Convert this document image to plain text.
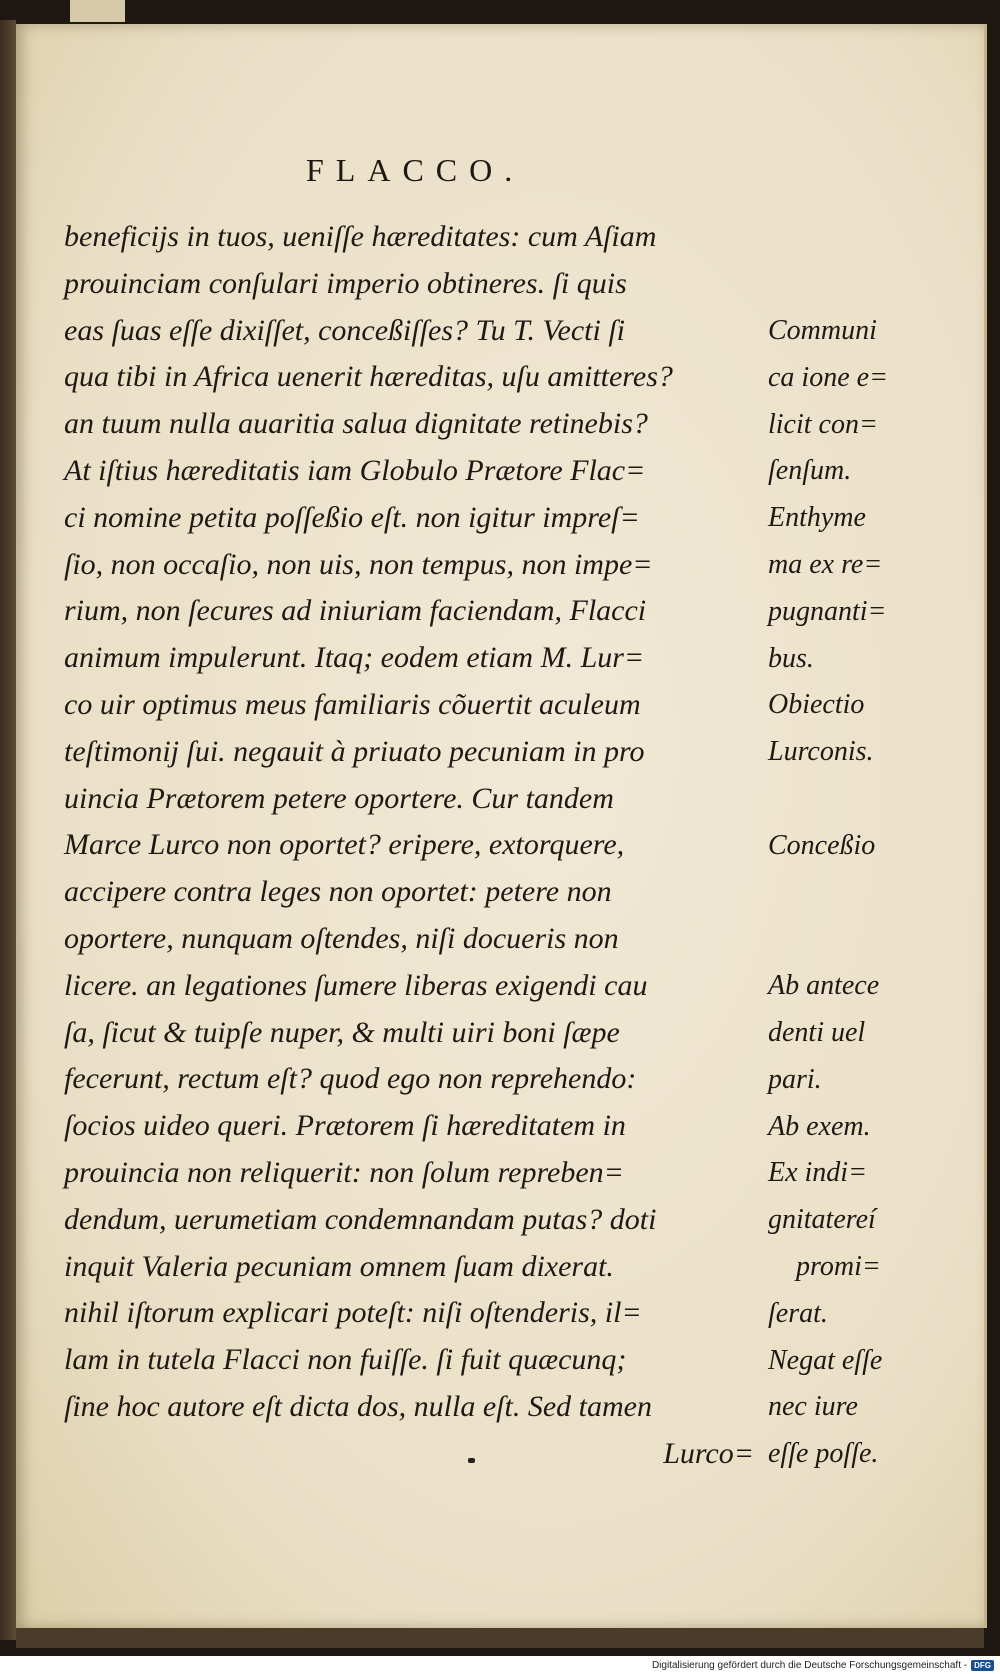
FLACCO.
beneficijs in tuos, ueniſſe hæreditates: cum Aſiam
prouinciam conſulari imperio obtineres. ſi quis
eas ſuas eſſe dixiſſet, conceßiſſes? Tu T. Vecti ſi
qua tibi in Africa uenerit hæreditas, uſu amitteres?
an tuum nulla auaritia salua dignitate retinebis?
At iſtius hæreditatis iam Globulo Prætore Flac=
ci nomine petita poſſeßio eſt. non igitur impreſ=
ſio, non occaſio, non uis, non tempus, non impe=
rium, non ſecures ad iniuriam faciendam, Flacci
animum impulerunt. Itaq; eodem etiam M. Lur=
co uir optimus meus familiaris cõuertit aculeum
teſtimonij ſui. negauit à priuato pecuniam in pro
uincia Prætorem petere oportere. Cur tandem
Marce Lurco non oportet? eripere, extorquere,
accipere contra leges non oportet: petere non
oportere, nunquam oſtendes, niſi docueris non
licere. an legationes ſumere liberas exigendi cau
ſa, ſicut & tuipſe nuper, & multi uiri boni ſæpe
fecerunt, rectum eſt? quod ego non reprehendo:
ſocios uideo queri. Prætorem ſi hæreditatem in
prouincia non reliquerit: non ſolum repreben=
dendum, uerumetiam condemnandam putas? doti
inquit Valeria pecuniam omnem ſuam dixerat.
nihil iſtorum explicari poteſt: niſi oſtenderis, il=
lam in tutela Flacci non fuiſſe. ſi fuit quæcunq;
ſine hoc autore eſt dicta dos, nulla eſt. Sed tamen
Lurco=
Communi
ca ione e=
licit con=
ſenſum.
Enthyme
ma ex re=
pugnanti=
bus.
Obiectio
Lurconis.
Conceßio
Ab antece
denti uel
pari.
Ab exem.
Ex indi=
gnitatereí
promi=
ſerat.
Negat eſſe
nec iure
eſſe poſſe.
Digitalisierung gefördert durch die Deutsche Forschungsgemeinschaft - DFG
